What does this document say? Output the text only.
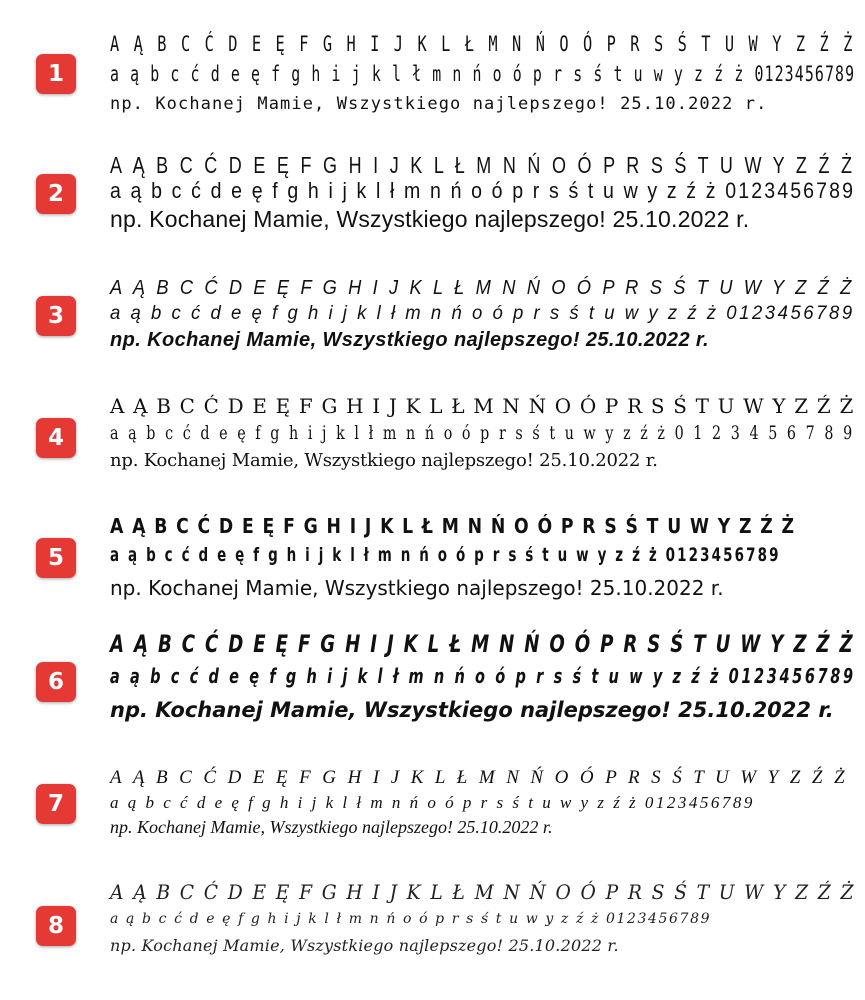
1
A Ą B C Ć D E Ę F G H I J K L Ł M N Ń O Ó P R S Ś T U W Y Z Ź Ż
a ą b c ć d e ę f g h i j k l ł m n ń o ó p r s ś t u w y z ź ż 0123456789
np. Kochanej Mamie, Wszystkiego najlepszego! 25.10.2022 r.
2
A Ą B C Ć D E Ę F G H I J K L Ł M N Ń O Ó P R S Ś T U W Y Z Ź Ż
a ą b c ć d e ę f g h i j k l ł m n ń o ó p r s ś t u w y z ź ż 0123456789
np. Kochanej Mamie, Wszystkiego najlepszego! 25.10.2022 r.
3
A Ą B C Ć D E Ę F G H I J K L Ł M N Ń O Ó P R S Ś T U W Y Z Ź Ż
a ą b c ć d e ę f g h i j k l ł m n ń o ó p r s ś t u w y z ź ż 0123456789
np. Kochanej Mamie, Wszystkiego najlepszego! 25.10.2022 r.
4
A Ą B C Ć D E Ę F G H I J K L Ł M N Ń O Ó P R S Ś T U W Y Z Ź Ż
a ą b c ć d e ę f g h i j k l ł m n ń o ó p r s ś t u w y z ź ż 0 1 2 3 4 5 6 7 8 9
np. Kochanej Mamie, Wszystkiego najlepszego! 25.10.2022 r.
5
A Ą B C Ć D E Ę F G H I J K L Ł M N Ń O Ó P R S Ś T U W Y Z Ź Ż
a ą b c ć d e ę f g h i j k l ł m n ń o ó p r s ś t u w y z ź ż 0123456789
np. Kochanej Mamie, Wszystkiego najlepszego! 25.10.2022 r.
6
A Ą B C Ć D E Ę F G H I J K L Ł M N Ń O Ó P R S Ś T U W Y Z Ź Ż
a ą b c ć d e ę f g h i j k l ł m n ń o ó p r s ś t u w y z ź ż 0123456789
np. Kochanej Mamie, Wszystkiego najlepszego! 25.10.2022 r.
7
A Ą B C Ć D E Ę F G H I J K L Ł M N Ń O Ó P R S Ś T U W Y Z Ź Ż
a ą b c ć d e ę f g h i j k l ł m n ń o ó p r s ś t u w y z ź ż 0123456789
np. Kochanej Mamie, Wszystkiego najlepszego! 25.10.2022 r.
8
A Ą B C Ć D E Ę F G H I J K L Ł M N Ń O Ó P R S Ś T U W Y Z Ź Ż
a ą b c ć d e ę f g h i j k l ł m n ń o ó p r s ś t u w y z ź ż 0123456789
np. Kochanej Mamie, Wszystkiego najlepszego! 25.10.2022 r.
